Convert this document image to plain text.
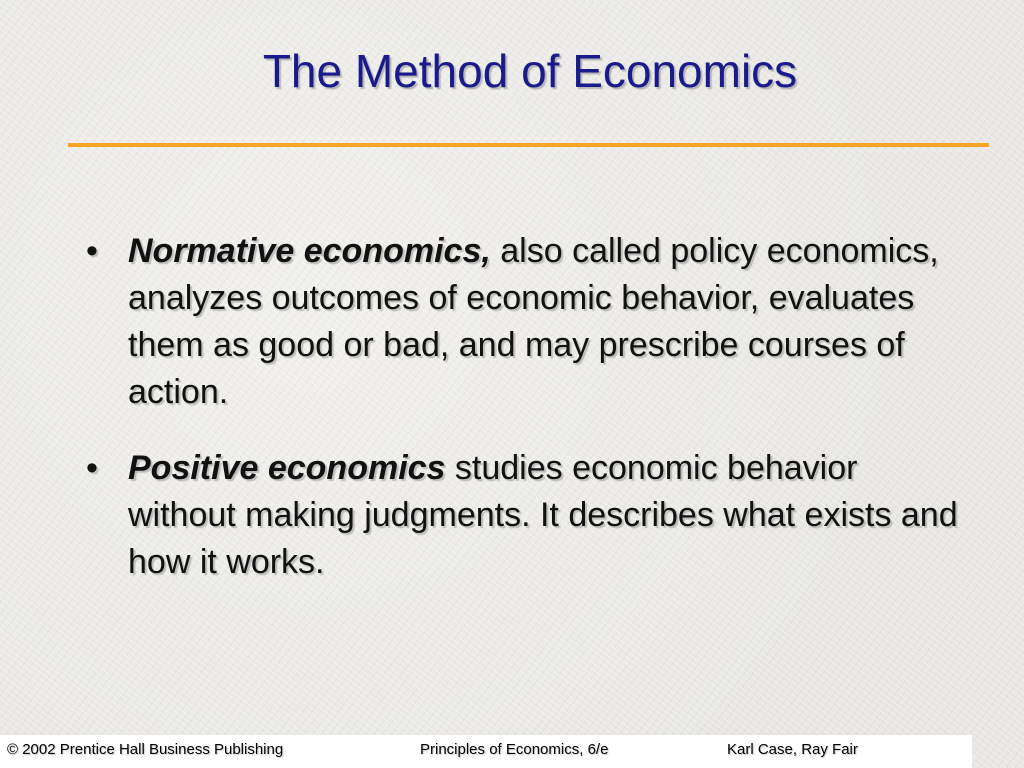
The Method of Economics
• Normative economics, also called policy economics, analyzes outcomes of economic behavior, evaluates them as good or bad, and may prescribe courses of action.
• Positive economics studies economic behavior without making judgments. It describes what exists and how it works.
© 2002 Prentice Hall Business Publishing	Principles of Economics, 6/e	Karl Case, Ray Fair
